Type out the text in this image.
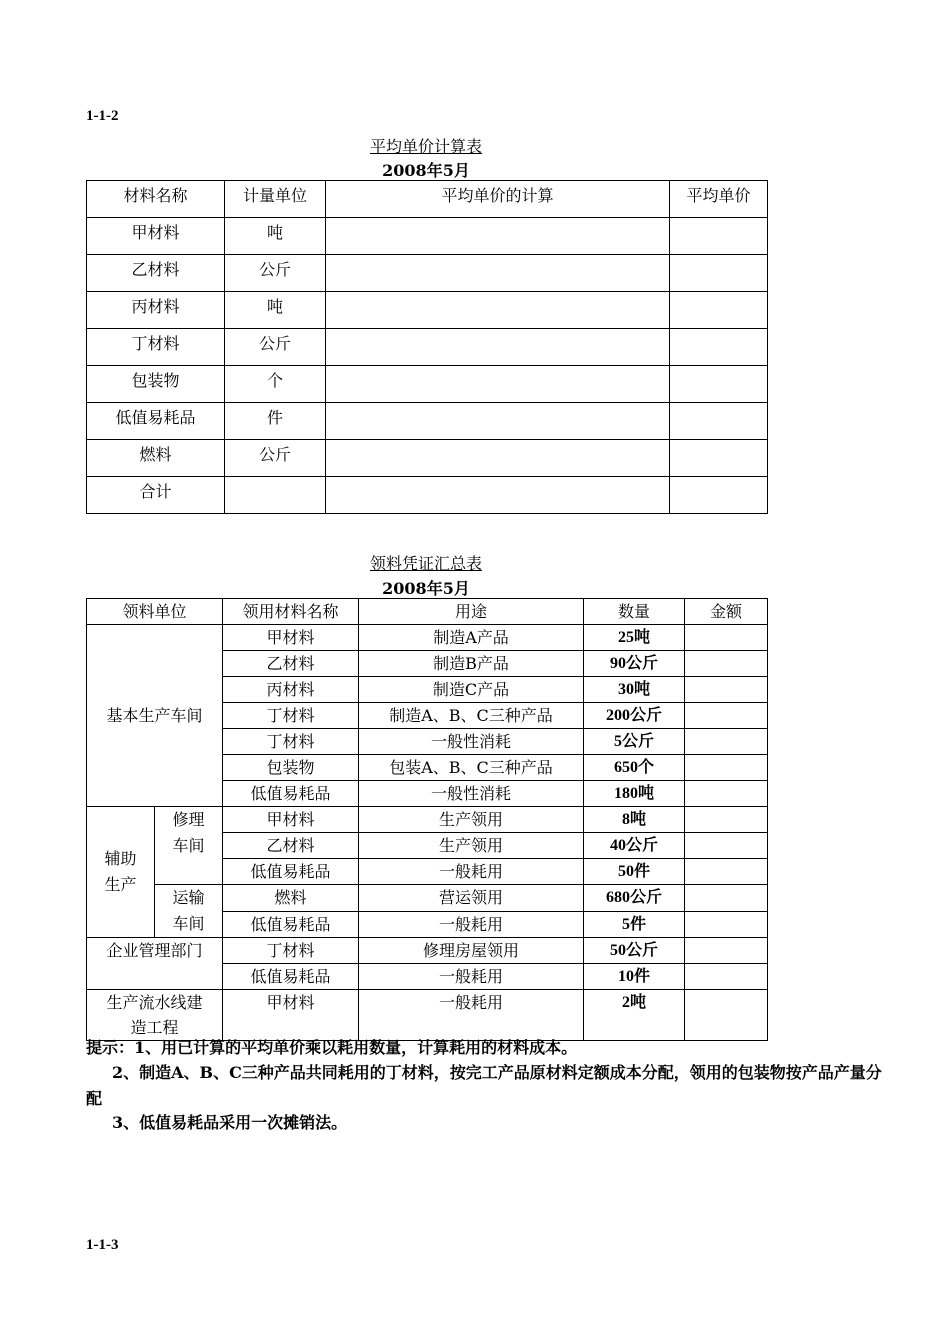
1-1-2
平均单价计算表
2008年5月
材料名称	计量单位	平均单价的计算	平均单价
甲材料	吨		
乙材料	公斤		
丙材料	吨		
丁材料	公斤		
包装物	个		
低值易耗品	件		
燃料	公斤		
合计			
领料凭证汇总表
2008年5月
领料单位		领用材料名称	用途	数量	金额
基本生产车间		甲材料	制造A产品	25吨	
		乙材料	制造B产品	90公斤	
		丙材料	制造C产品	30吨	
		丁材料	制造A、B、C三种产品	200公斤	
		丁材料	一般性消耗	5公斤	
		包装物	包装A、B、C三种产品	650个	
		低值易耗品	一般性消耗	180吨	
辅助生产	修理车间	甲材料	生产领用	8吨	
		乙材料	生产领用	40公斤	
		低值易耗品	一般耗用	50件	
	运输车间	燃料	营运领用	680公斤	
		低值易耗品	一般耗用	5件	
企业管理部门		丁材料	修理房屋领用	50公斤	
		低值易耗品	一般耗用	10件	
生产流水线建造工程		甲材料	一般耗用	2吨	
提示：1、用已计算的平均单价乘以耗用数量，计算耗用的材料成本。
2、制造A、B、C三种产品共同耗用的丁材料，按完工产品原材料定额成本分配，领用的包装物按产品产量分配
3、低值易耗品采用一次摊销法。
1-1-3
